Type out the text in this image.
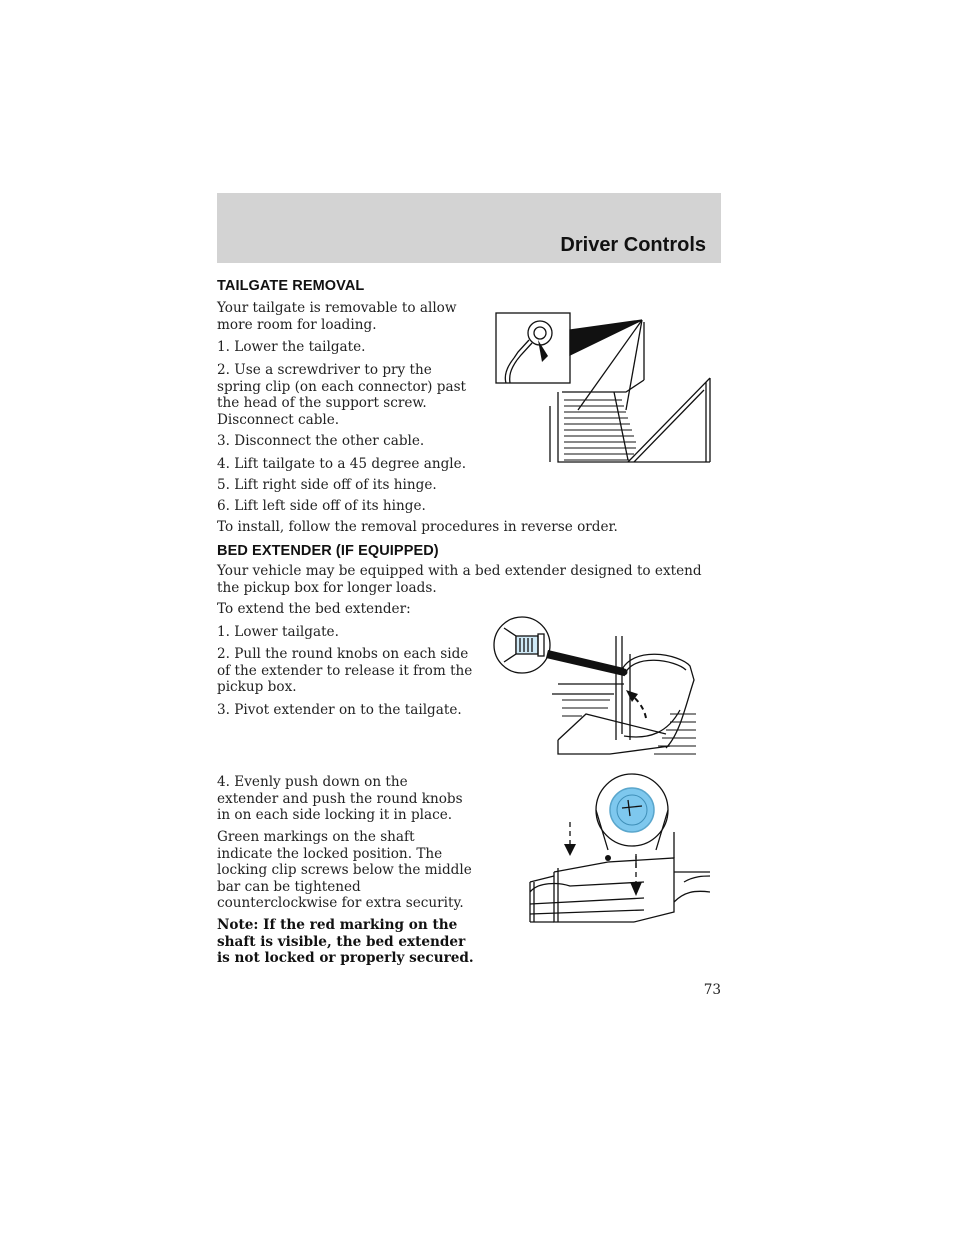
Driver Controls
TAILGATE REMOVAL

Your tailgate is removable to allow more room for loading.

1. Lower the tailgate.

2. Use a screwdriver to pry the spring clip (on each connector) past the head of the support screw. Disconnect cable.

3. Disconnect the other cable.

4. Lift tailgate to a 45 degree angle.

5. Lift right side off of its hinge.

6. Lift left side off of its hinge.

To install, follow the removal procedures in reverse order.

BED EXTENDER (IF EQUIPPED)

Your vehicle may be equipped with a bed extender designed to extend the pickup box for longer loads.

To extend the bed extender:

1. Lower tailgate.

2. Pull the round knobs on each side of the extender to release it from the pickup box.

3. Pivot extender on to the tailgate.

4. Evenly push down on the extender and push the round knobs in on each side locking it in place.

Green markings on the shaft indicate the locked position. The locking clip screws below the middle bar can be tightened counterclockwise for extra security.

Note: If the red marking on the shaft is visible, the bed extender is not locked or properly secured.

73
